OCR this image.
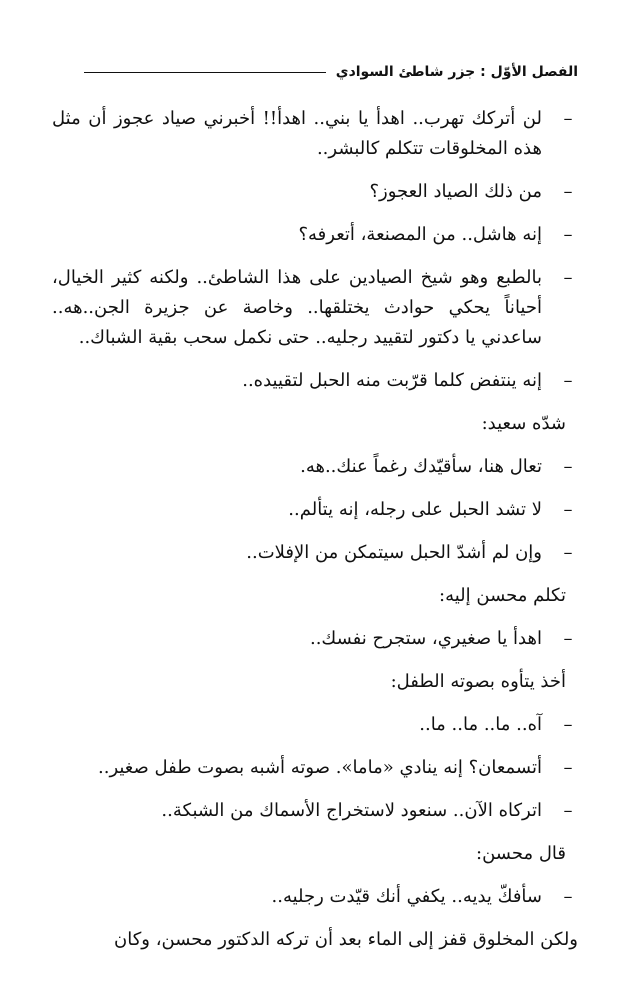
الفصل الأوّل : جزر شاطئ السوادي

–
لن أتركك تهرب.. اهدأ يا بني.. اهدأ!! أخبرني صياد عجوز أن مثل هذه المخلوقات تتكلم كالبشر..

–
من ذلك الصياد العجوز؟

–
إنه هاشل.. من المصنعة، أتعرفه؟

–
بالطبع وهو شيخ الصيادين على هذا الشاطئ.. ولكنه كثير الخيال، أحياناً يحكي حوادث يختلقها.. وخاصة عن جزيرة الجن..هه.. ساعدني يا دكتور لتقييد رجليه.. حتى نكمل سحب بقية الشباك..

–
إنه ينتفض كلما قرّبت منه الحبل لتقييده..

شدّه سعيد:

–
تعال هنا، سأقيّدك رغماً عنك..هه.

–
لا تشد الحبل على رجله، إنه يتألم..

–
وإن لم أشدّ الحبل سيتمكن من الإفلات..

تكلم محسن إليه:

–
اهدأ يا صغيري، ستجرح نفسك..

أخذ يتأوه بصوته الطفل:

–
آه.. ما.. ما.. ما..

–
أتسمعان؟ إنه ينادي «ماما». صوته أشبه بصوت طفل صغير..

–
اتركاه الآن.. سنعود لاستخراج الأسماك من الشبكة..

قال محسن:

–
سأفكّ يديه.. يكفي أنك قيّدت رجليه..

ولكن المخلوق قفز إلى الماء بعد أن تركه الدكتور محسن، وكان
